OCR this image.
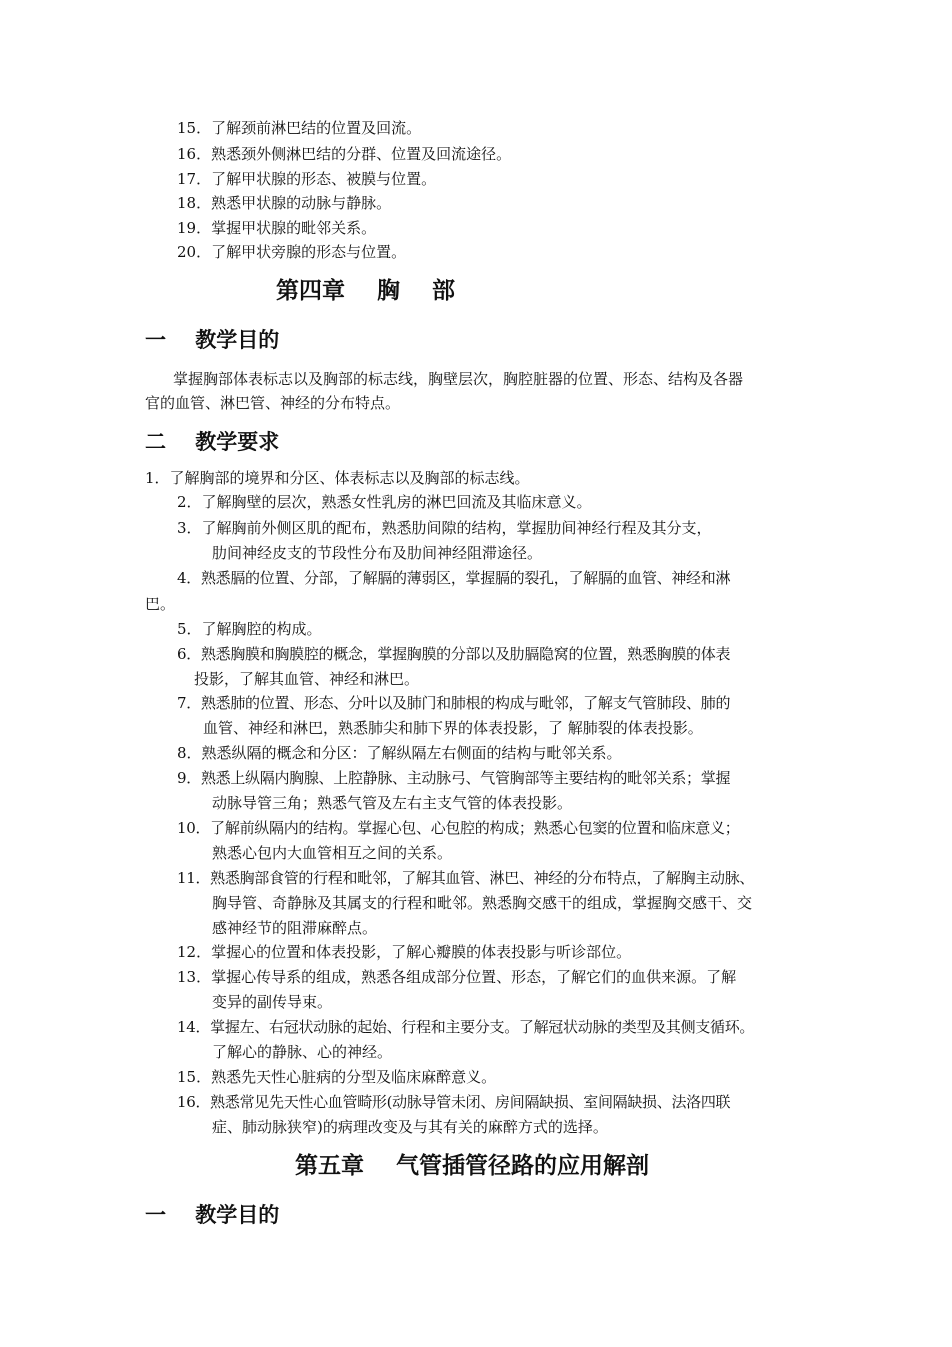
15．了解颈前淋巴结的位置及回流。
16．熟悉颈外侧淋巴结的分群、位置及回流途径。
17．了解甲状腺的形态、被膜与位置。
18．熟悉甲状腺的动脉与静脉。
19．掌握甲状腺的毗邻关系。
20．了解甲状旁腺的形态与位置。
第四章    胸    部
一    教学目的
掌握胸部体表标志以及胸部的标志线，胸壁层次，胸腔脏器的位置、形态、结构及各器
官的血管、淋巴管、神经的分布特点。
二    教学要求
1．了解胸部的境界和分区、体表标志以及胸部的标志线。
2．了解胸壁的层次，熟悉女性乳房的淋巴回流及其临床意义。
3．了解胸前外侧区肌的配布，熟悉肋间隙的结构，掌握肋间神经行程及其分支，
肋间神经皮支的节段性分布及肋间神经阻滞途径。
4．熟悉膈的位置、分部，了解膈的薄弱区，掌握膈的裂孔，了解膈的血管、神经和淋
巴。
5．了解胸腔的构成。
6．熟悉胸膜和胸膜腔的概念，掌握胸膜的分部以及肋膈隐窝的位置，熟悉胸膜的体表
投影，了解其血管、神经和淋巴。
7．熟悉肺的位置、形态、分叶以及肺门和肺根的构成与毗邻，了解支气管肺段、肺的
血管、神经和淋巴，熟悉肺尖和肺下界的体表投影，了 解肺裂的体表投影。
8．熟悉纵隔的概念和分区：了解纵隔左右侧面的结构与毗邻关系。
9．熟悉上纵隔内胸腺、上腔静脉、主动脉弓、气管胸部等主要结构的毗邻关系；掌握
动脉导管三角；熟悉气管及左右主支气管的体表投影。
10．了解前纵隔内的结构。掌握心包、心包腔的构成；熟悉心包窦的位置和临床意义；
熟悉心包内大血管相互之间的关系。
11．熟悉胸部食管的行程和毗邻，了解其血管、淋巴、神经的分布特点，了解胸主动脉、
胸导管、奇静脉及其属支的行程和毗邻。熟悉胸交感干的组成，掌握胸交感干、交
感神经节的阻滞麻醉点。
12．掌握心的位置和体表投影，了解心瓣膜的体表投影与听诊部位。
13．掌握心传导系的组成，熟悉各组成部分位置、形态，了解它们的血供来源。了解
变异的副传导束。
14．掌握左、右冠状动脉的起始、行程和主要分支。了解冠状动脉的类型及其侧支循环。
了解心的静脉、心的神经。
15．熟悉先天性心脏病的分型及临床麻醉意义。
16．熟悉常见先天性心血管畸形(动脉导管未闭、房间隔缺损、室间隔缺损、法洛四联
症、肺动脉狭窄)的病理改变及与其有关的麻醉方式的选择。
第五章    气管插管径路的应用解剖
一    教学目的
